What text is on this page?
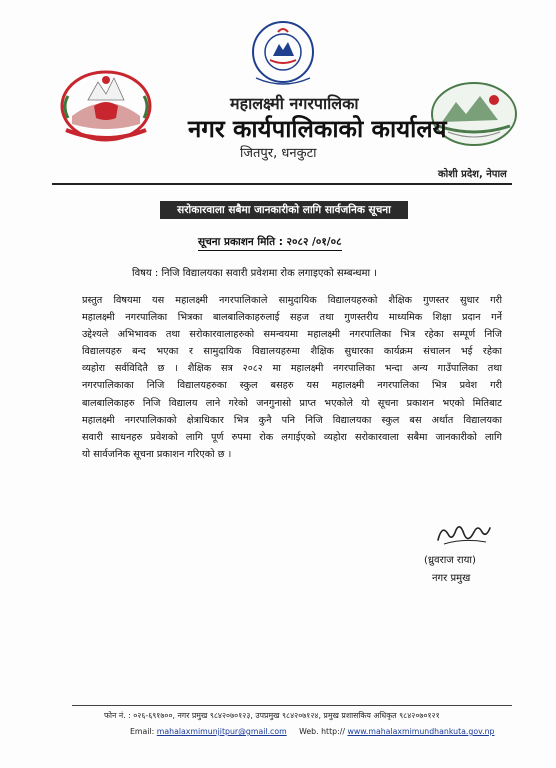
महालक्ष्मी नगरपालिका
नगर कार्यपालिकाको कार्यालय
जितपुर, धनकुटा
कोशी प्रदेश, नेपाल
सरोकारवाला सबैमा जानकारीको लागि सार्वजनिक सूचना
सूचना प्रकाशन मिति : २०८२ /०१/०८
विषय : निजि विद्यालयका सवारी प्रवेशमा रोक लगाइएको सम्बन्धमा ।
प्रस्तुत विषयमा यस महालक्ष्मी नगरपालिकाले सामुदायिक विद्यालयहरुको शैक्षिक गुणस्तर सुधार गरी
महालक्ष्मी नगरपालिका भित्रका बालबालिकाहरुलाई सहज तथा गुणस्तरीय माध्यमिक शिक्षा प्रदान गर्ने
उद्देश्यले अभिभावक तथा सरोकारवालाहरुको समन्वयमा महालक्ष्मी नगरपालिका भित्र रहेका सम्पूर्ण निजि
विद्यालयहरु बन्द भएका र सामुदायिक विद्यालयहरुमा शैक्षिक सुधारका कार्यक्रम संचालन भई रहेका
व्यहोरा सर्वविदितै छ । शैक्षिक सत्र २०८२ मा महालक्ष्मी नगरपालिका भन्दा अन्य गाउँपालिका तथा
नगरपालिकाका निजि विद्यालयहरुका स्कुल बसहरु यस महालक्ष्मी नगरपालिका भित्र प्रवेश गरी
बालबालिकाहरु निजि विद्यालय लाने गरेको जनगुनासो प्राप्त भएकोले यो सूचना प्रकाशन भएको मितिबाट
महालक्ष्मी नगरपालिकाको क्षेत्राधिकार भित्र कुनै पनि निजि विद्यालयका स्कुल बस अर्थात विद्यालयका
सवारी साधनहरु प्रवेशको लागि पूर्ण रुपमा रोक लगाईएको व्यहोरा सरोकारवाला सबैमा जानकारीको लागि
यो सार्वजनिक सूचना प्रकाशन गरिएको छ ।
(ध्रुवराज राया)
नगर प्रमुख
फोन नं. : ०२६-६९१७००, नगर प्रमुख ९८४२०७०१२३, उपप्रमुख ९८४२०७१२४, प्रमुख प्रशासकिय अधिकृत ९८४२०७०१२१
Email: mahalaxmimunjitpur@gmail.com Web. http:// www.mahalaxmimundhankuta.gov.np
